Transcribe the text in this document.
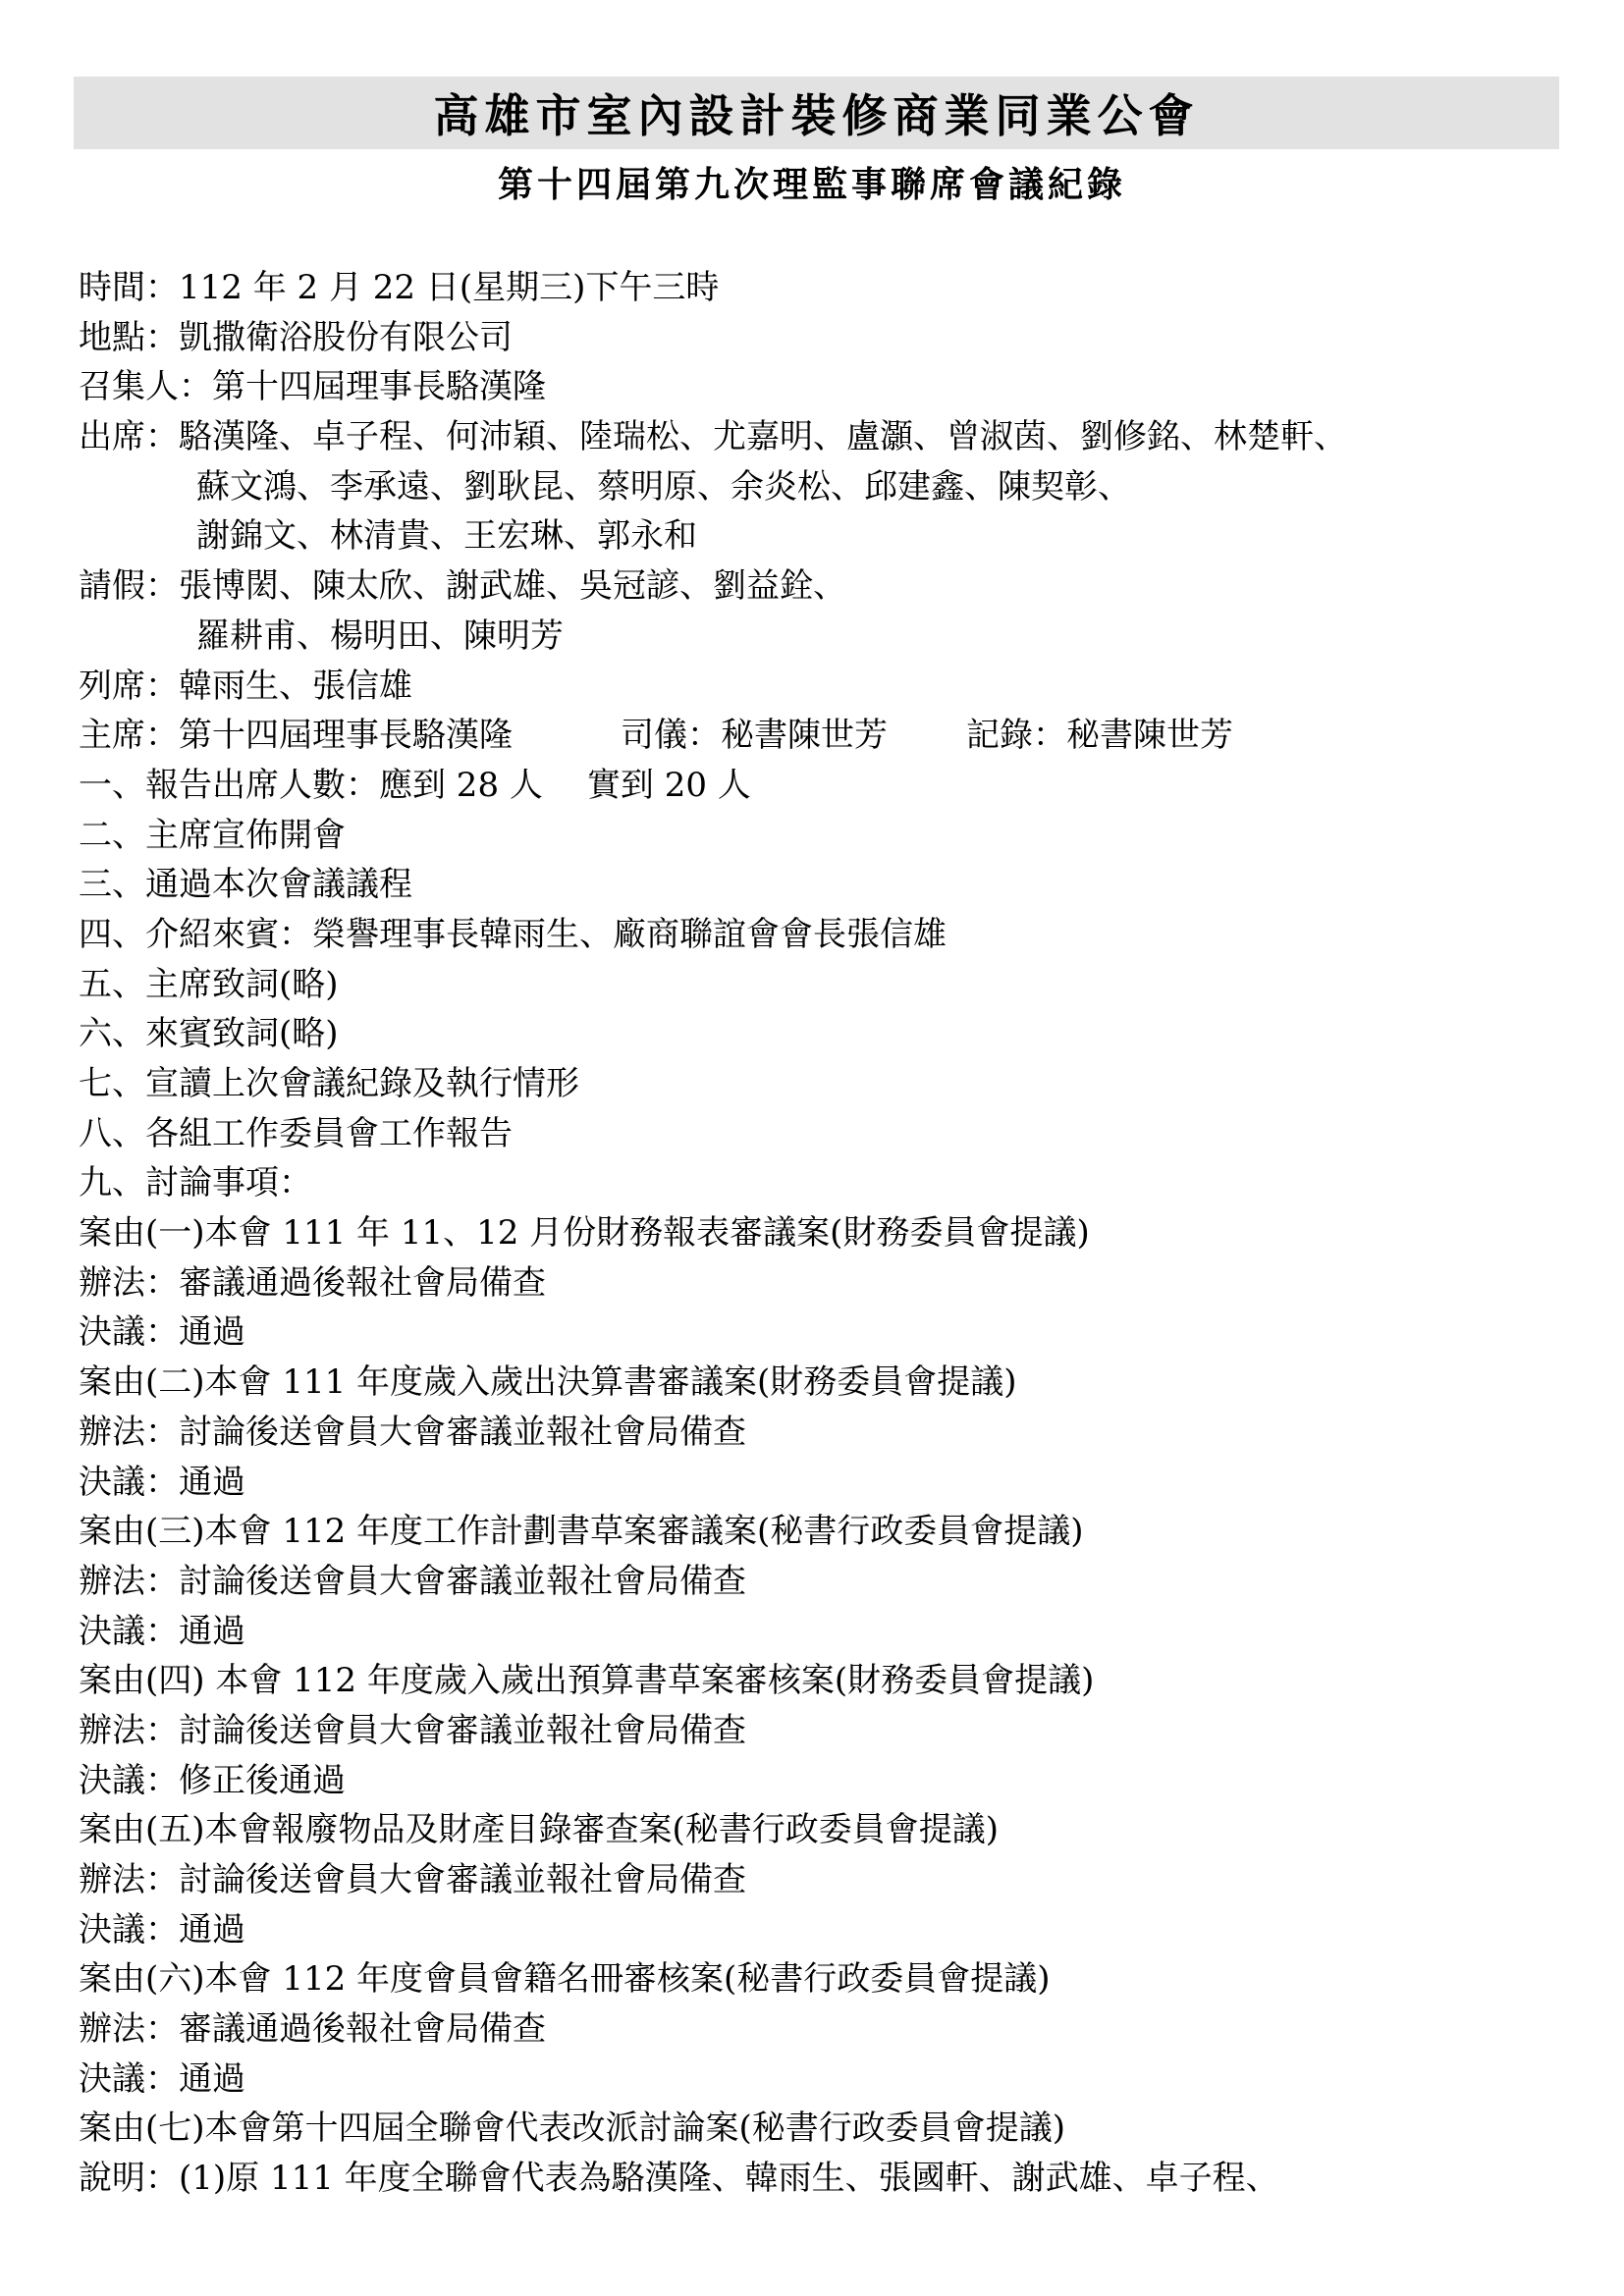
高雄市室內設計裝修商業同業公會
第十四屆第九次理監事聯席會議紀錄
時間：112 年 2 月 22 日(星期三)下午三時
地點：凱撒衛浴股份有限公司
召集人：第十四屆理事長駱漢隆
出席：駱漢隆、卓子程、何沛穎、陸瑞松、尤嘉明、盧灝、曾淑茵、劉修銘、林楚軒、
蘇文鴻、李承遠、劉耿昆、蔡明原、余炎松、邱建鑫、陳契彰、
謝錦文、林清貴、王宏琳、郭永和
請假：張博閎、陳太欣、謝武雄、吳冠諺、劉益銓、
羅耕甫、楊明田、陳明芳
列席：韓雨生、張信雄
主席：第十四屆理事長駱漢隆	司儀：秘書陳世芳 記錄：秘書陳世芳
一、報告出席人數：應到 28 人 實到 20 人
二、主席宣佈開會
三、通過本次會議議程
四、介紹來賓：榮譽理事長韓雨生、廠商聯誼會會長張信雄
五、主席致詞(略)
六、來賓致詞(略)
七、宣讀上次會議紀錄及執行情形
八、各組工作委員會工作報告
九、討論事項：
案由(一)本會 111 年 11、12 月份財務報表審議案(財務委員會提議)
辦法：審議通過後報社會局備查
決議：通過
案由(二)本會 111 年度歲入歲出決算書審議案(財務委員會提議)
辦法：討論後送會員大會審議並報社會局備查
決議：通過
案由(三)本會 112 年度工作計劃書草案審議案(秘書行政委員會提議)
辦法：討論後送會員大會審議並報社會局備查
決議：通過
案由(四) 本會 112 年度歲入歲出預算書草案審核案(財務委員會提議)
辦法：討論後送會員大會審議並報社會局備查
決議：修正後通過
案由(五)本會報廢物品及財產目錄審查案(秘書行政委員會提議)
辦法：討論後送會員大會審議並報社會局備查
決議：通過
案由(六)本會 112 年度會員會籍名冊審核案(秘書行政委員會提議)
辦法：審議通過後報社會局備查
決議：通過
案由(七)本會第十四屆全聯會代表改派討論案(秘書行政委員會提議)
說明：(1)原 111 年度全聯會代表為駱漢隆、韓雨生、張國軒、謝武雄、卓子程、
